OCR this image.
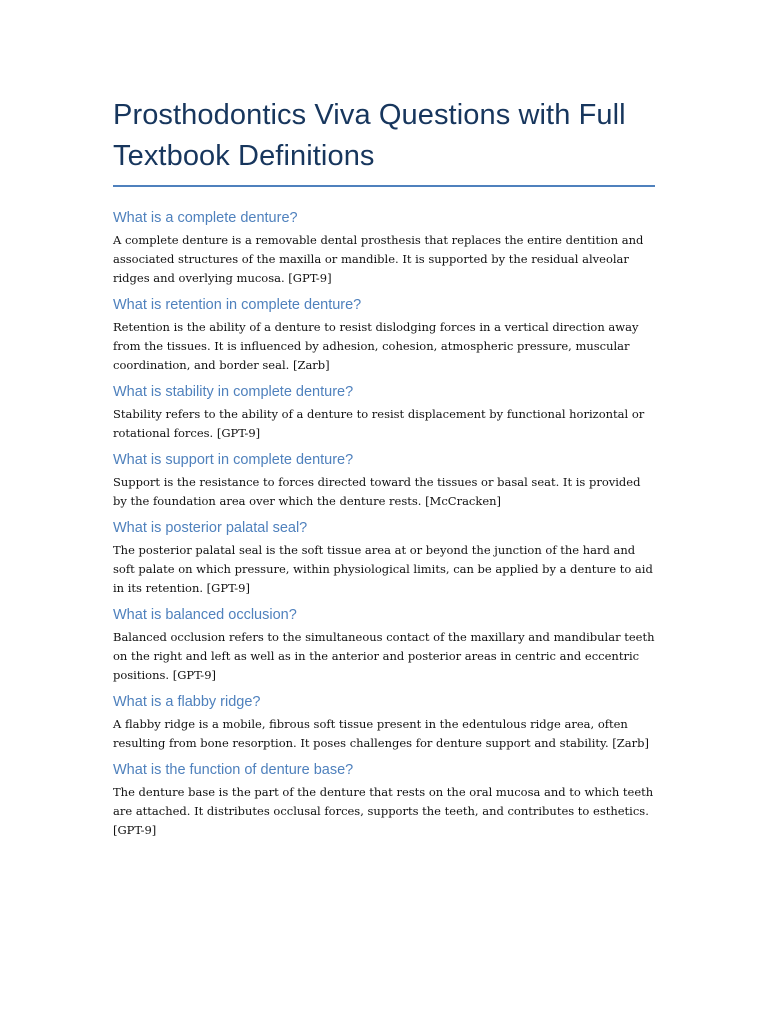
Prosthodontics Viva Questions with Full Textbook Definitions
What is a complete denture?

A complete denture is a removable dental prosthesis that replaces the entire dentition and associated structures of the maxilla or mandible. It is supported by the residual alveolar ridges and overlying mucosa. [GPT-9]

What is retention in complete denture?

Retention is the ability of a denture to resist dislodging forces in a vertical direction away from the tissues. It is influenced by adhesion, cohesion, atmospheric pressure, muscular coordination, and border seal. [Zarb]

What is stability in complete denture?

Stability refers to the ability of a denture to resist displacement by functional horizontal or rotational forces. [GPT-9]

What is support in complete denture?

Support is the resistance to forces directed toward the tissues or basal seat. It is provided by the foundation area over which the denture rests. [McCracken]

What is posterior palatal seal?

The posterior palatal seal is the soft tissue area at or beyond the junction of the hard and soft palate on which pressure, within physiological limits, can be applied by a denture to aid in its retention. [GPT-9]

What is balanced occlusion?

Balanced occlusion refers to the simultaneous contact of the maxillary and mandibular teeth on the right and left as well as in the anterior and posterior areas in centric and eccentric positions. [GPT-9]

What is a flabby ridge?

A flabby ridge is a mobile, fibrous soft tissue present in the edentulous ridge area, often resulting from bone resorption. It poses challenges for denture support and stability. [Zarb]

What is the function of denture base?

The denture base is the part of the denture that rests on the oral mucosa and to which teeth are attached. It distributes occlusal forces, supports the teeth, and contributes to esthetics. [GPT-9]
